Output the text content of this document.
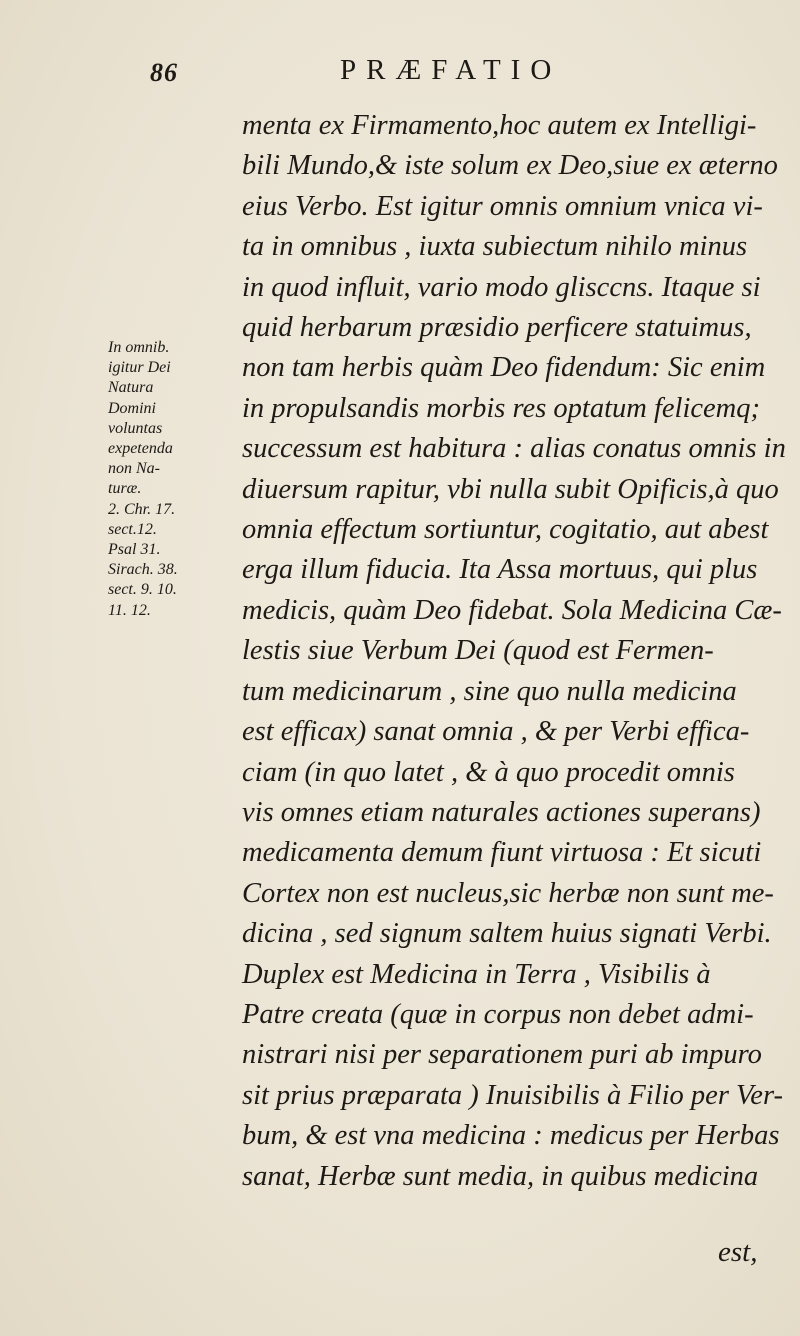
86	PRÆFATIO
In omnib.
igitur Dei
Natura
Domini
voluntas
expetenda
non Na-
turæ.
2. Chr. 17.
sect.12.
Psal 31.
Sirach. 38.
sect. 9. 10.
11. 12.
menta ex Firmamento,hoc autem ex Intelligi-
bili Mundo,& iste solum ex Deo,siue ex æterno
eius Verbo. Est igitur omnis omnium vnica vi-
ta in omnibus , iuxta subiectum nihilo minus
in quod influit, vario modo glisccns. Itaque si
quid herbarum præsidio perficere statuimus,
non tam herbis quàm Deo fidendum: Sic enim
in propulsandis morbis res optatum felicemq;
successum est habitura : alias conatus omnis in
diuersum rapitur, vbi nulla subit Opificis,à quo
omnia effectum sortiuntur, cogitatio, aut abest
erga illum fiducia. Ita Assa mortuus, qui plus
medicis, quàm Deo fidebat. Sola Medicina Cæ-
lestis siue Verbum Dei (quod est Fermen-
tum medicinarum , sine quo nulla medicina
est efficax) sanat omnia , & per Verbi effica-
ciam (in quo latet , & à quo procedit omnis
vis omnes etiam naturales actiones superans)
medicamenta demum fiunt virtuosa : Et sicuti
Cortex non est nucleus,sic herbæ non sunt me-
dicina , sed signum saltem huius signati Verbi.
Duplex est Medicina in Terra , Visibilis à
Patre creata (quæ in corpus non debet admi-
nistrari nisi per separationem puri ab impuro
sit prius præparata ) Inuisibilis à Filio per Ver-
bum, & est vna medicina : medicus per Herbas
sanat, Herbæ sunt media, in quibus medicina
est,
